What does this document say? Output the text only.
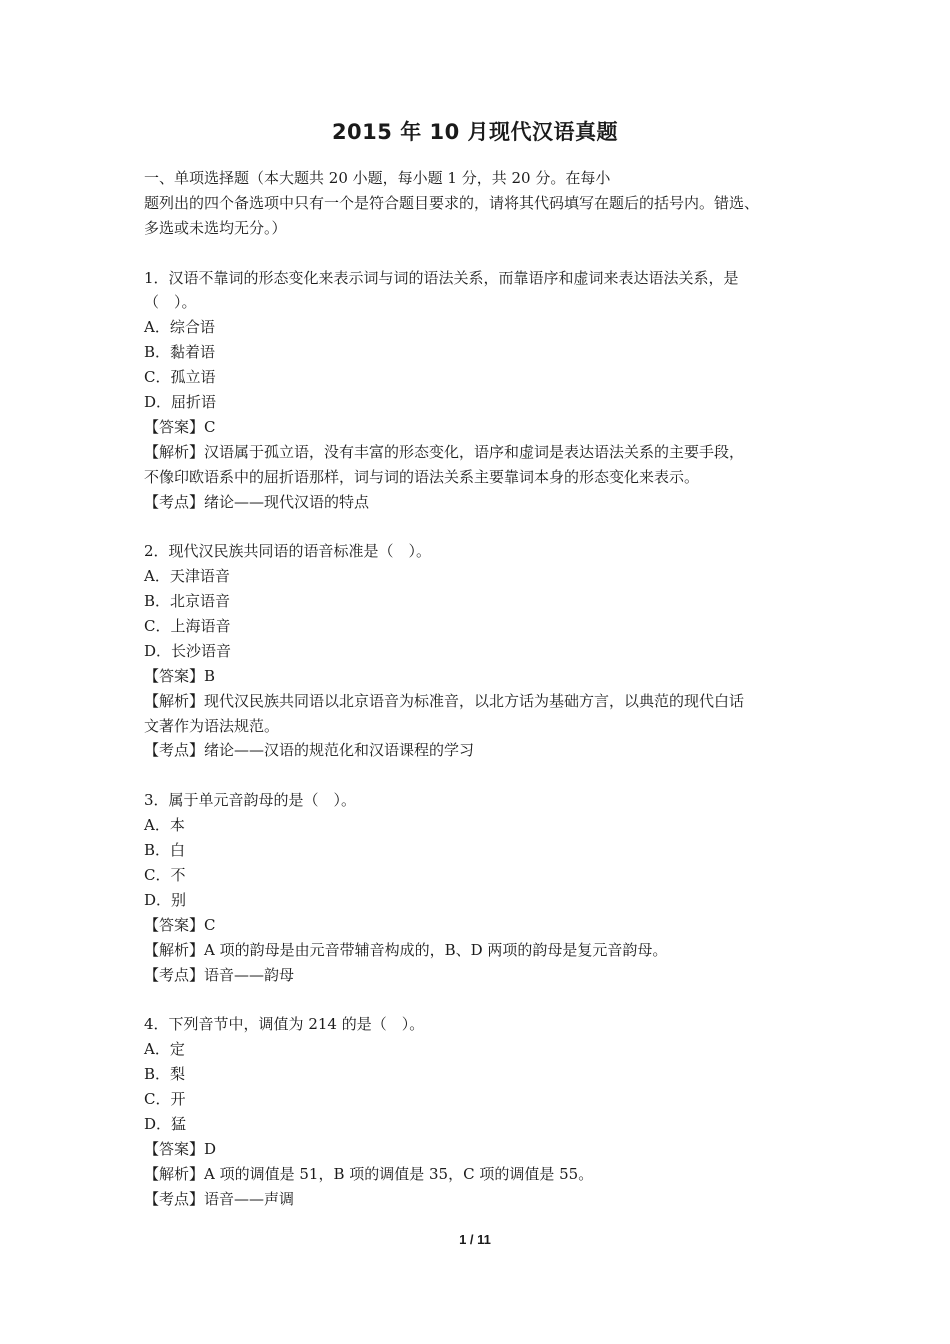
2015 年 10 月现代汉语真题
一、单项选择题（本大题共 20 小题，每小题 1 分，共 20 分。在每小
题列出的四个备选项中只有一个是符合题目要求的，请将其代码填写在题后的括号内。错选、
多选或未选均无分。）
1．汉语不靠词的形态变化来表示词与词的语法关系，而靠语序和虚词来表达语法关系，是
（　）。
A．综合语
B．黏着语
C．孤立语
D．屈折语
【答案】C
【解析】汉语属于孤立语，没有丰富的形态变化，语序和虚词是表达语法关系的主要手段，
不像印欧语系中的屈折语那样，词与词的语法关系主要靠词本身的形态变化来表示。
【考点】绪论——现代汉语的特点
2．现代汉民族共同语的语音标准是（　）。
A．天津语音
B．北京语音
C．上海语音
D．长沙语音
【答案】B
【解析】现代汉民族共同语以北京语音为标准音，以北方话为基础方言，以典范的现代白话
文著作为语法规范。
【考点】绪论——汉语的规范化和汉语课程的学习
3．属于单元音韵母的是（　）。
A．本
B．白
C．不
D．别
【答案】C
【解析】A 项的韵母是由元音带辅音构成的，B、D 两项的韵母是复元音韵母。
【考点】语音——韵母
4．下列音节中，调值为 214 的是（　）。
A．定
B．梨
C．开
D．猛
【答案】D
【解析】A 项的调值是 51，B 项的调值是 35，C 项的调值是 55。
【考点】语音——声调
1 / 11
